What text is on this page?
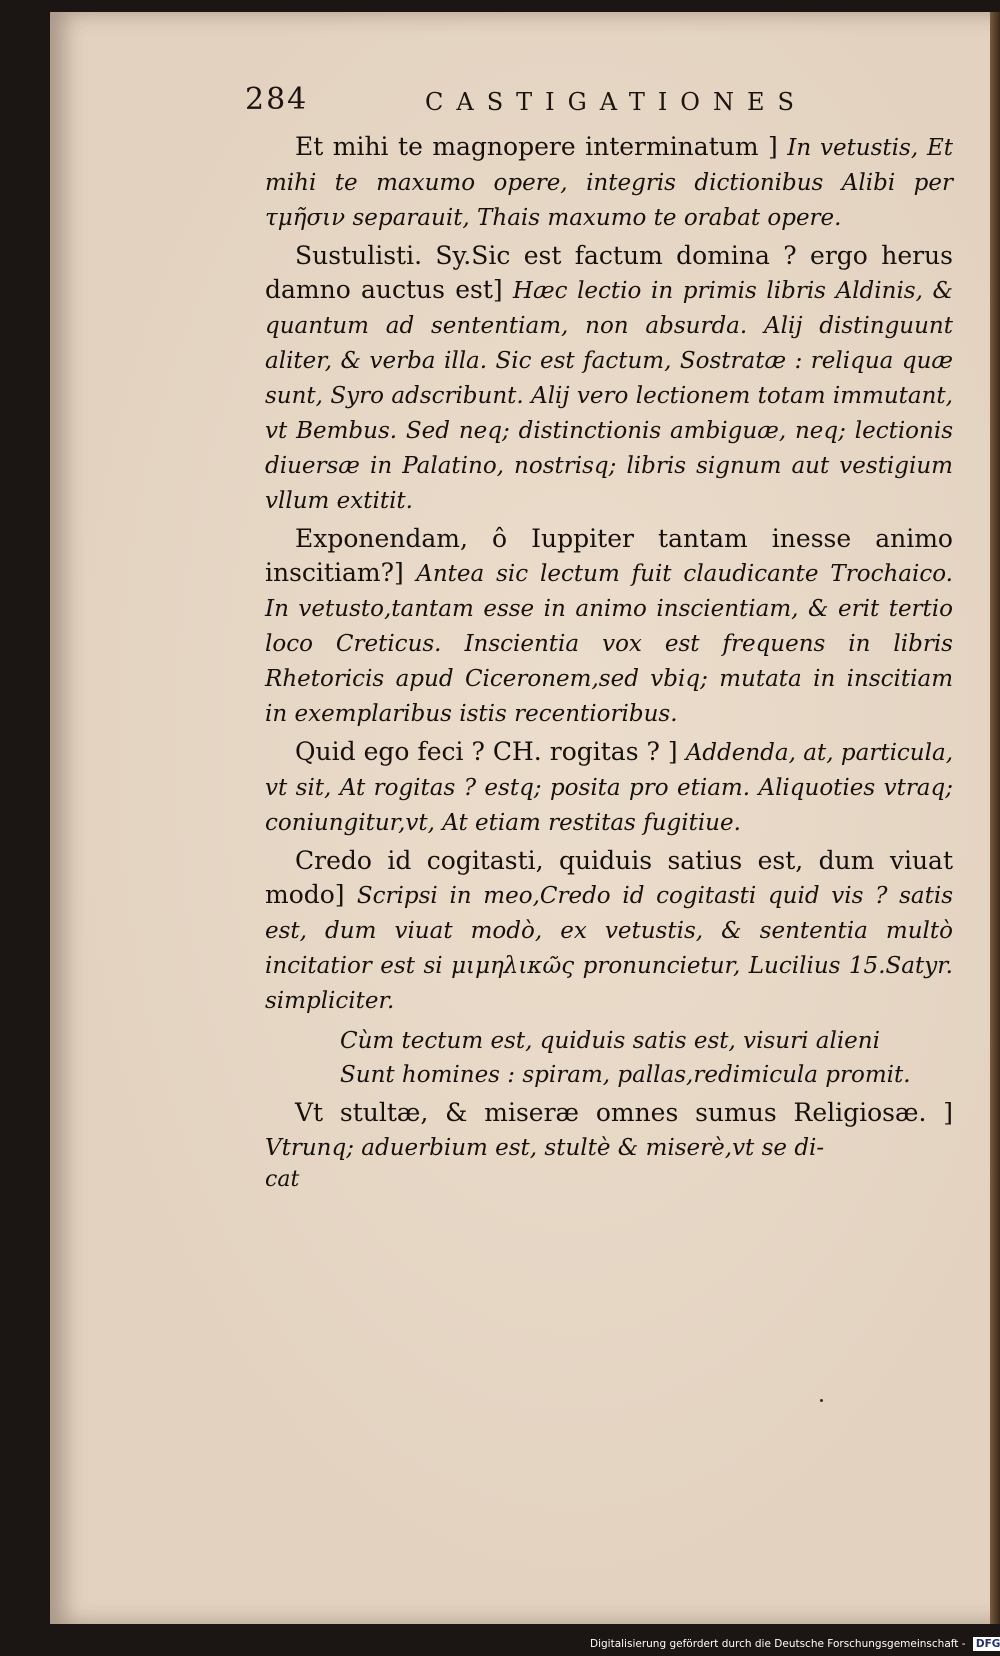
284	CASTIGATIONES

Et mihi te magnopere interminatum ] In vetustis, Et mihi te maxumo opere, integris dictionibus Alibi per τμῆσιν separauit, Thais maxumo te orabat opere.

Sustulisti. Sy.Sic est factum domina ? ergo herus damno auctus est] Hæc lectio in primis libris Aldinis, & quantum ad sententiam, non absurda. Alij distinguunt aliter, & verba illa. Sic est factum, Sostratæ : reliqua quæ sunt, Syro adscribunt. Alij vero lectionem totam immutant, vt Bembus. Sed neq; distinctionis ambiguæ, neq; lectionis diuersæ in Palatino, nostrisq; libris signum aut vestigium vllum extitit.

Exponendam, ô Iuppiter tantam inesse animo inscitiam?] Antea sic lectum fuit claudicante Trochaico. In vetusto,tantam esse in animo inscientiam, & erit tertio loco Creticus. Inscientia vox est frequens in libris Rhetoricis apud Ciceronem,sed vbiq; mutata in inscitiam in exemplaribus istis recentioribus.

Quid ego feci ? CH. rogitas ? ] Addenda, at, particula, vt sit, At rogitas ? estq; posita pro etiam. Aliquoties vtraq; coniungitur,vt, At etiam restitas fugitiue.

Credo id cogitasti, quiduis satius est, dum viuat modo] Scripsi in meo,Credo id cogitasti quid vis ? satis est, dum viuat modò, ex vetustis, & sententia multò incitatior est si μιμηλικῶς pronuncietur, Lucilius 15.Satyr. simpliciter.

Cùm tectum est, quiduis satis est, visuri alieni
Sunt homines : spiram, pallas,redimicula promit.

Vt stultæ, & miseræ omnes sumus Religiosæ. ] Vtrunq; aduerbium est, stultè & miserè,vt se di-

cat

Digitalisierung gefördert durch die Deutsche Forschungsgemeinschaft - DFG
